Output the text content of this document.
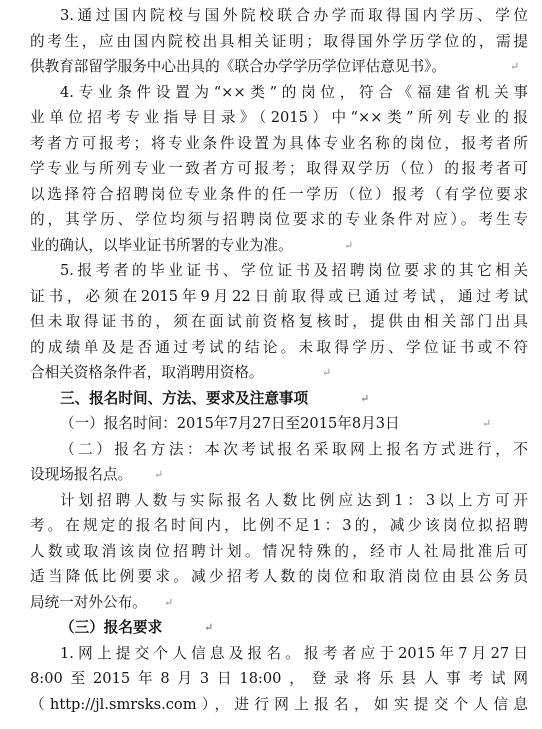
3.通过国内院校与国外院校联合办学而取得国内学历、学位
的考生，应由国内院校出具相关证明；取得国外学历学位的，需提
供教育部留学服务中心出具的《联合办学学历学位评估意见书》。	↵
4.专业条件设置为“××类”的岗位，符合《福建省机关事
业单位招考专业指导目录》（2015）中“××类”所列专业的报
考者方可报考；将专业条件设置为具体专业名称的岗位，报考者所
学专业与所列专业一致者方可报考；取得双学历（位）的报考者可
以选择符合招聘岗位专业条件的任一学历（位）报考（有学位要求
的，其学历、学位均须与招聘岗位要求的专业条件对应）。考生专
业的确认，以毕业证书所署的专业为准。	↵
5.报考者的毕业证书、学位证书及招聘岗位要求的其它相关
证书，必须在2015年9月22日前取得或已通过考试，通过考试
但未取得证书的，须在面试前资格复核时，提供由相关部门出具
的成绩单及是否通过考试的结论。未取得学历、学位证书或不符
合相关资格条件者，取消聘用资格。	↵
三、报名时间、方法、要求及注意事项	↵
（一）报名时间：2015年7月27日至2015年8月3日	↵
（二）报名方法：本次考试报名采取网上报名方式进行，不
设现场报名点。	↵
计划招聘人数与实际报名人数比例应达到1：3以上方可开
考。在规定的报名时间内，比例不足1：3的，减少该岗位拟招聘
人数或取消该岗位招聘计划。情况特殊的，经市人社局批准后可
适当降低比例要求。减少招考人数的岗位和取消岗位由县公务员
局统一对外公布。	↵
（三）报名要求	↵
1.网上提交个人信息及报名。报考者应于2015年7月27日
8:00至2015年8月3日18:00，登录将乐县人事考试网
（http://jl.smrsks.com），进行网上报名，如实提交个人信息
